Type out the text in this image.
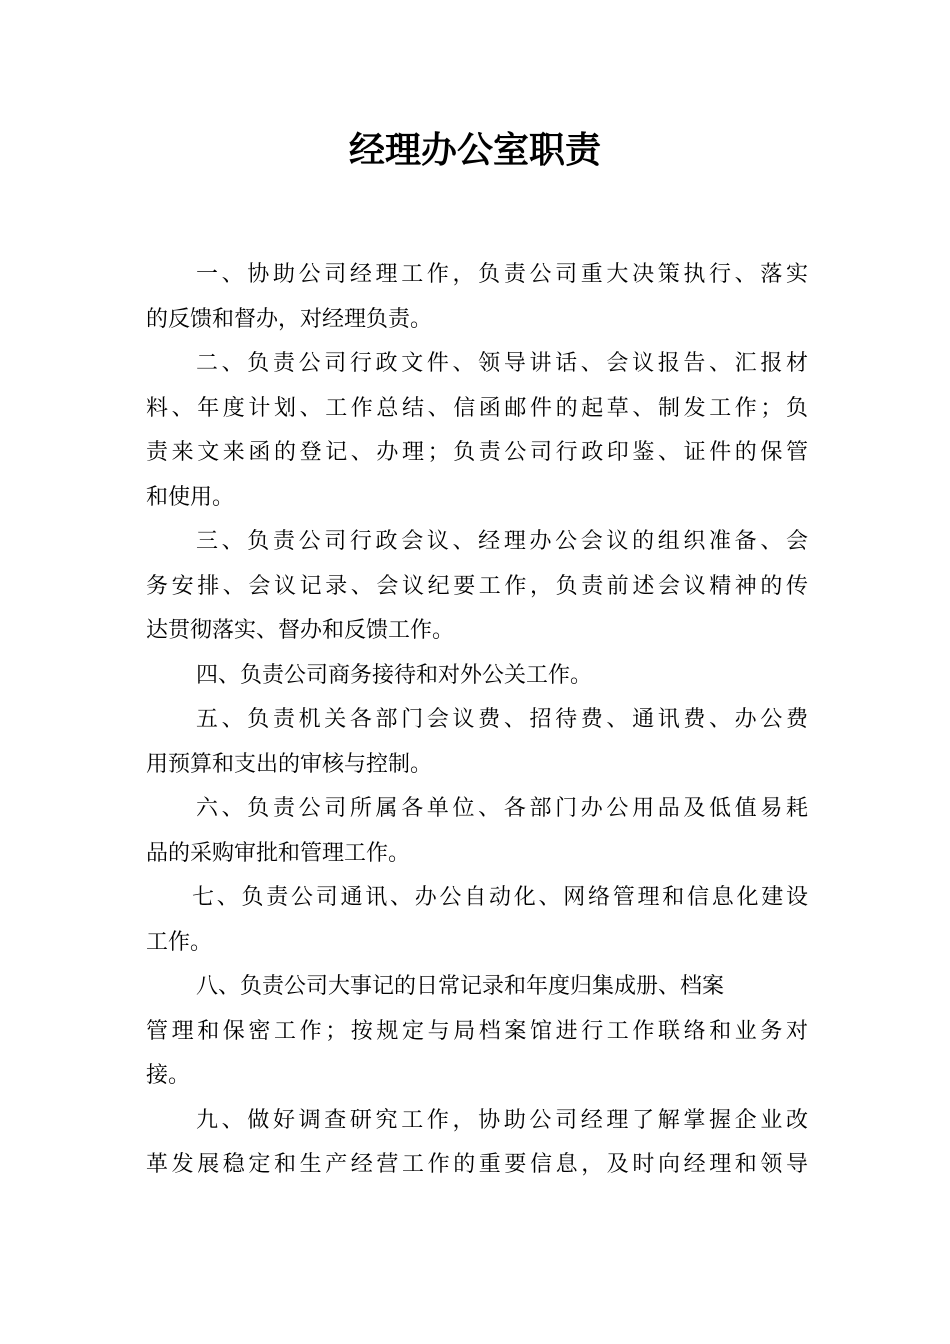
经理办公室职责
一、协助公司经理工作，负责公司重大决策执行、落实
的反馈和督办，对经理负责。
二、负责公司行政文件、领导讲话、会议报告、汇报材
料、年度计划、工作总结、信函邮件的起草、制发工作；负
责来文来函的登记、办理；负责公司行政印鉴、证件的保管
和使用。
三、负责公司行政会议、经理办公会议的组织准备、会
务安排、会议记录、会议纪要工作，负责前述会议精神的传
达贯彻落实、督办和反馈工作。
四、负责公司商务接待和对外公关工作。
五、负责机关各部门会议费、招待费、通讯费、办公费
用预算和支出的审核与控制。
六、负责公司所属各单位、各部门办公用品及低值易耗
品的采购审批和管理工作。
七、负责公司通讯、办公自动化、网络管理和信息化建设
工作。
八、负责公司大事记的日常记录和年度归集成册、档案
管理和保密工作；按规定与局档案馆进行工作联络和业务对
接。
九、做好调查研究工作，协助公司经理了解掌握企业改
革发展稳定和生产经营工作的重要信息，及时向经理和领导
